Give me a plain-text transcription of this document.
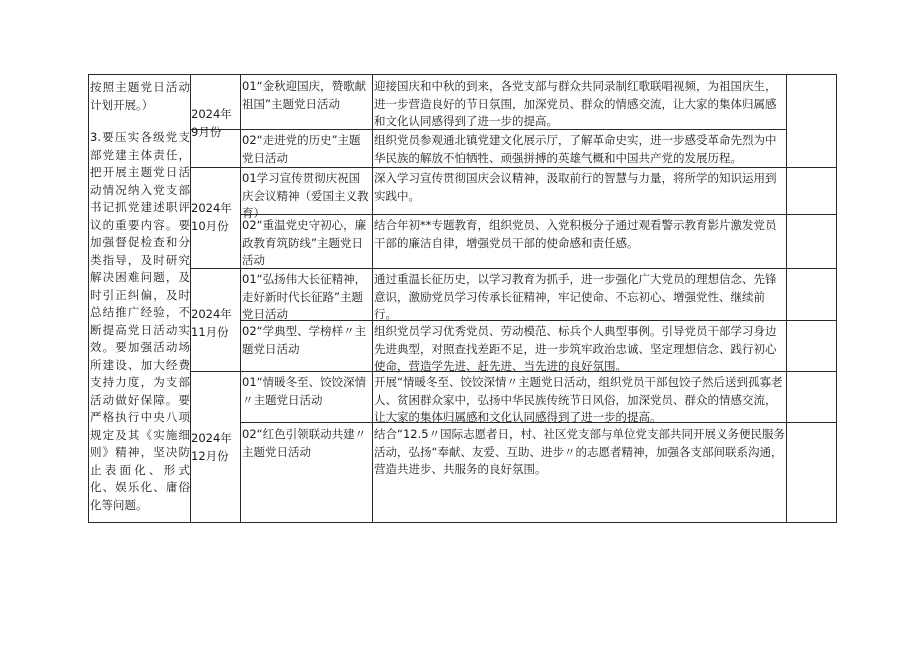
按照主题党日活动计划开展。）
3.要压实各级党支部党建主体责任，把开展主题党日活动情况纳入党支部书记抓党建述职评议的重要内容。要加强督促检查和分类指导，及时研究解决困难问题，及时引正纠偏，及时总结推广经验，不断提高党日活动实效。要加强活动场所建设、加大经费支持力度，为支部活动做好保障。要严格执行中央八项规定及其《实施细则》精神，坚决防止表面化、形式化、娱乐化、庸俗化等问题。
2024年
9月份
01“金秋迎国庆，赞歌献祖国”主题党日活动
迎接国庆和中秋的到来，各党支部与群众共同录制红歌联唱视频，为祖国庆生，进一步营造良好的节日氛围，加深党员、群众的情感交流，让大家的集体归属感和文化认同感得到了进一步的提高。
02“走进党的历史”主题党日活动
组织党员参观通北镇党建文化展示厅，了解革命史实，进一步感受革命先烈为中华民族的解放不怕牺牲、顽强拼搏的英雄气概和中国共产党的发展历程。
2024年
10月份
01学习宣传贯彻庆祝国庆会议精神（爱国主义教育）
深入学习宣传贯彻国庆会议精神，汲取前行的智慧与力量，将所学的知识运用到实践中。
02“重温党史守初心，廉政教育筑防线”主题党日活动
结合年初**专题教育，组织党员、入党积极分子通过观看警示教育影片激发党员干部的廉洁自律，增强党员干部的使命感和责任感。
2024年
11月份
01“弘扬伟大长征精神，走好新时代长征路”主题党日活动
通过重温长征历史，以学习教育为抓手，进一步强化广大党员的理想信念、先锋意识，激励党员学习传承长征精神，牢记使命、不忘初心、增强党性、继续前行。
02“学典型、学榜样〃主题党日活动
组织党员学习优秀党员、劳动模范、标兵个人典型事例。引导党员干部学习身边先进典型，对照查找差距不足，进一步筑牢政治忠诚、坚定理想信念、践行初心使命，营造学先进、赶先进、当先进的良好氛围。
2024年
12月份
01“情暖冬至、饺饺深情〃主题党日活动
开展“情暖冬至、饺饺深情〃主题党日活动，组织党员干部包饺子然后送到孤寡老人、贫困群众家中，弘扬中华民族传统节日风俗，加深党员、群众的情感交流，让大家的集体归属感和文化认同感得到了进一步的提高。
02“红色引领联动共建〃主题党日活动
结合“12.5〃国际志愿者日，村、社区党支部与单位党支部共同开展义务便民服务活动，弘扬“奉献、友爱、互助、进步〃的志愿者精神，加强各支部间联系沟通，营造共进步、共服务的良好氛围。
